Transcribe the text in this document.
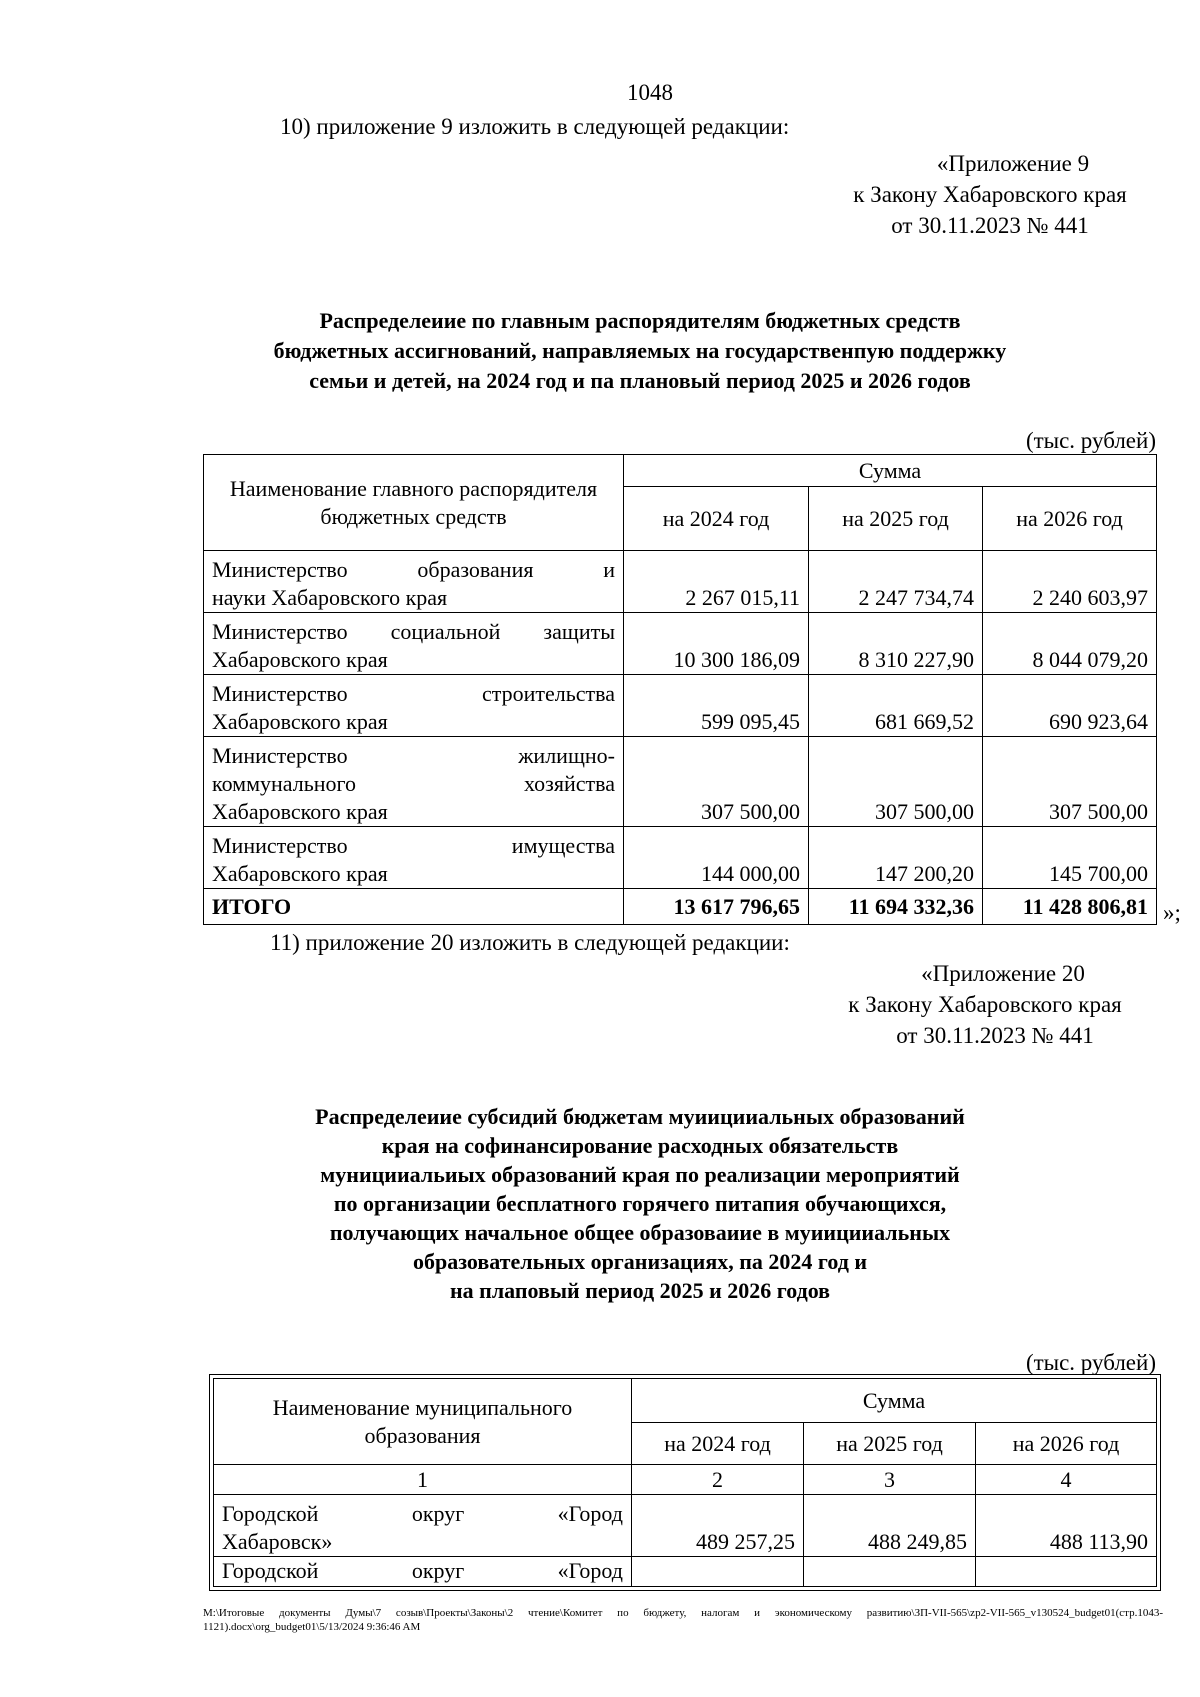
1048
10) приложение 9 изложить в следующей редакции:
«Приложение 9
к Закону Хабаровского края
от 30.11.2023 № 441
Распределеиие по главным распорядителям бюджетных средств
бюджетных ассигнований, направляемых на государственпую поддержку
семьи и детей, на 2024 год и па плановый период 2025 и 2026 годов
(тыс. рублей)
Наименование главного распорядителя бюджетных средств	Сумма		
	на 2024 год	на 2025 год	на 2026 год

Министерство образования и
науки Хабаровского края	2 267 015,11	2 247 734,74	2 240 603,97

Министерство социальной защиты
Хабаровского края	10 300 186,09	8 310 227,90	8 044 079,20

Министерство строительства
Хабаровского края	599 095,45	681 669,52	690 923,64

Министерство жилищно-
коммунального хозяйства
Хабаровского края	307 500,00	307 500,00	307 500,00

Министерство имущества
Хабаровского края	144 000,00	147 200,20	145 700,00
ИТОГО	13 617 796,65	11 694 332,36	11 428 806,81 »;
11) приложение 20 изложить в следующей редакции:
«Приложение 20
к Закону Хабаровского края
от 30.11.2023 № 441
Распределеиие субсидий бюджетам муиицииальных образований
края на софинансирование расходных обязательств
муницииальиых образований края по реализации мероприятий
по организации бесплатного горячего питапия обучающихся,
получающих начальное общее образоваиие в муиицииальных
образовательных организациях, па 2024 год и
на плаповый период 2025 и 2026 годов
(тыс. рублей)
Наименование муниципального образования	Сумма		
	на 2024 год	на 2025 год	на 2026 год
1	2	3	4

Городской округ «Город
Хабаровск»	489 257,25	488 249,85	488 113,90

Городской округ «Город			

M:\Итоговые документы Думы\7 созыв\Проекты\Законы\2 чтение\Комитет по бюджету, налогам и экономическому развитию\ЗП-VII-565\zp2-VII-565_v130524_budget01(стр.1043-1121).docx\org_budget01\5/13/2024 9:36:46 AM
